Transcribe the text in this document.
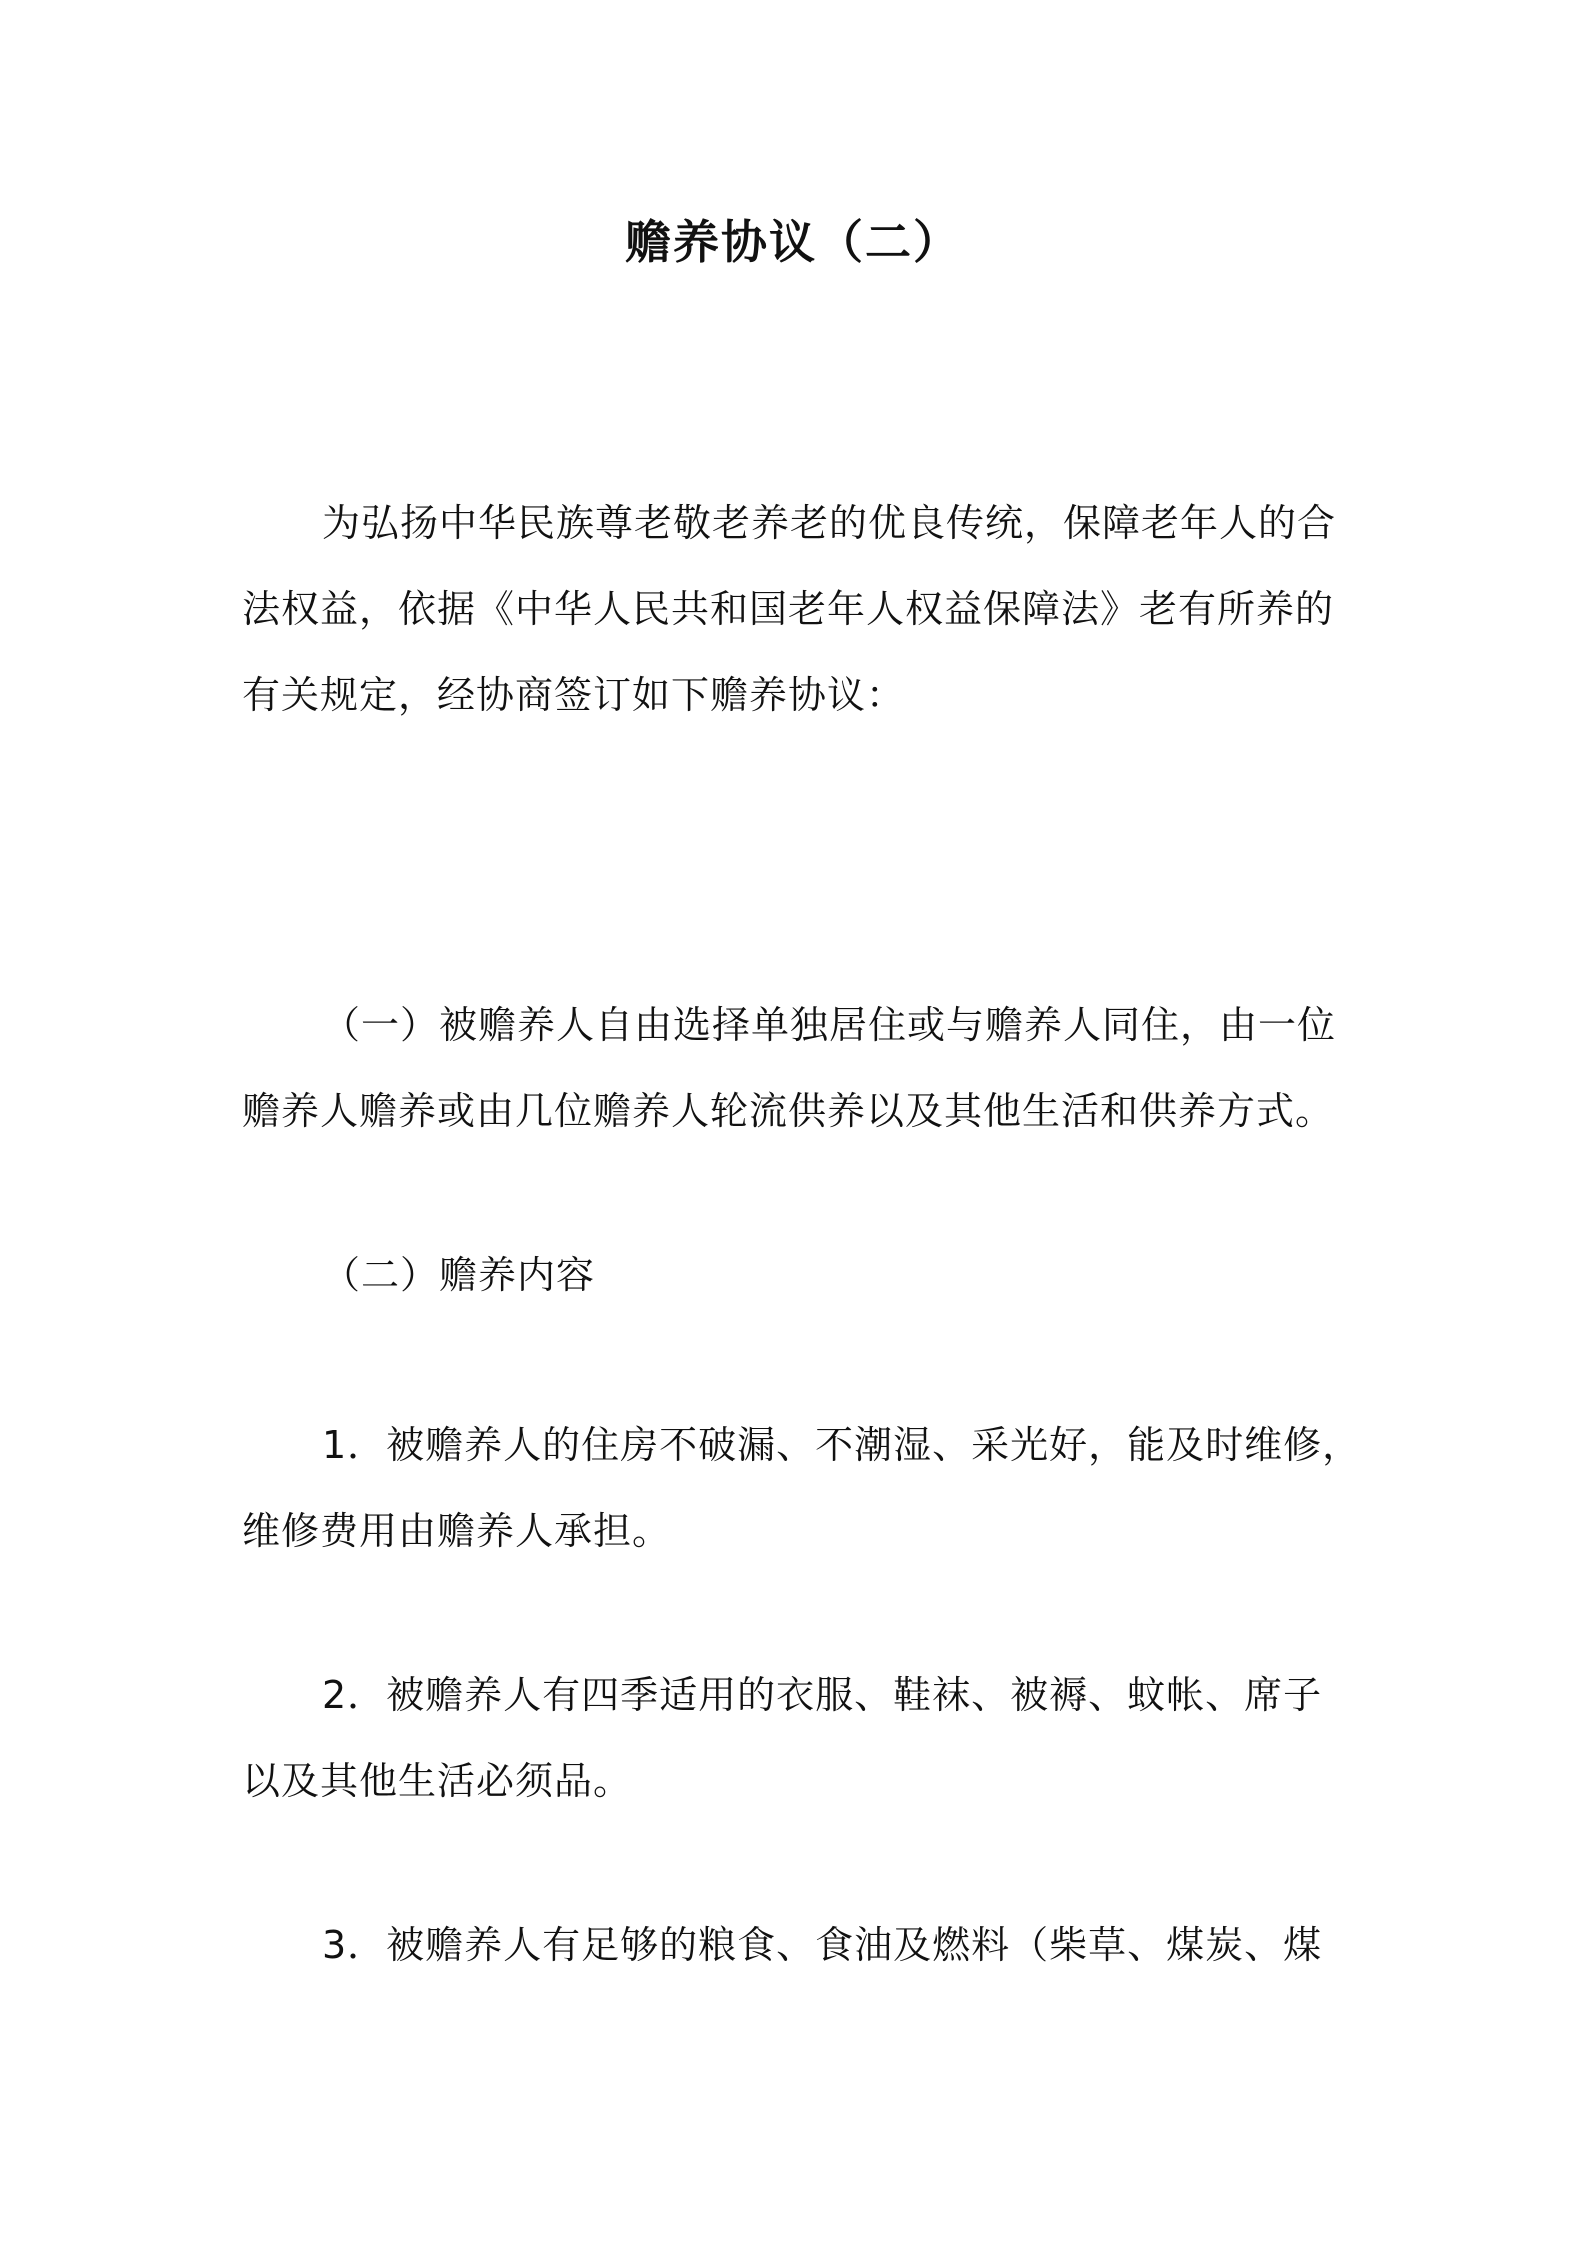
赡养协议（二）
为弘扬中华民族尊老敬老养老的优良传统，保障老年人的合
法权益，依据《中华人民共和国老年人权益保障法》老有所养的
有关规定，经协商签订如下赡养协议：
（一）被赡养人自由选择单独居住或与赡养人同住，由一位
赡养人赡养或由几位赡养人轮流供养以及其他生活和供养方式。
（二）赡养内容
1．被赡养人的住房不破漏、不潮湿、采光好，能及时维修，
维修费用由赡养人承担。
2．被赡养人有四季适用的衣服、鞋袜、被褥、蚊帐、席子
以及其他生活必须品。
3．被赡养人有足够的粮食、食油及燃料（柴草、煤炭、煤
